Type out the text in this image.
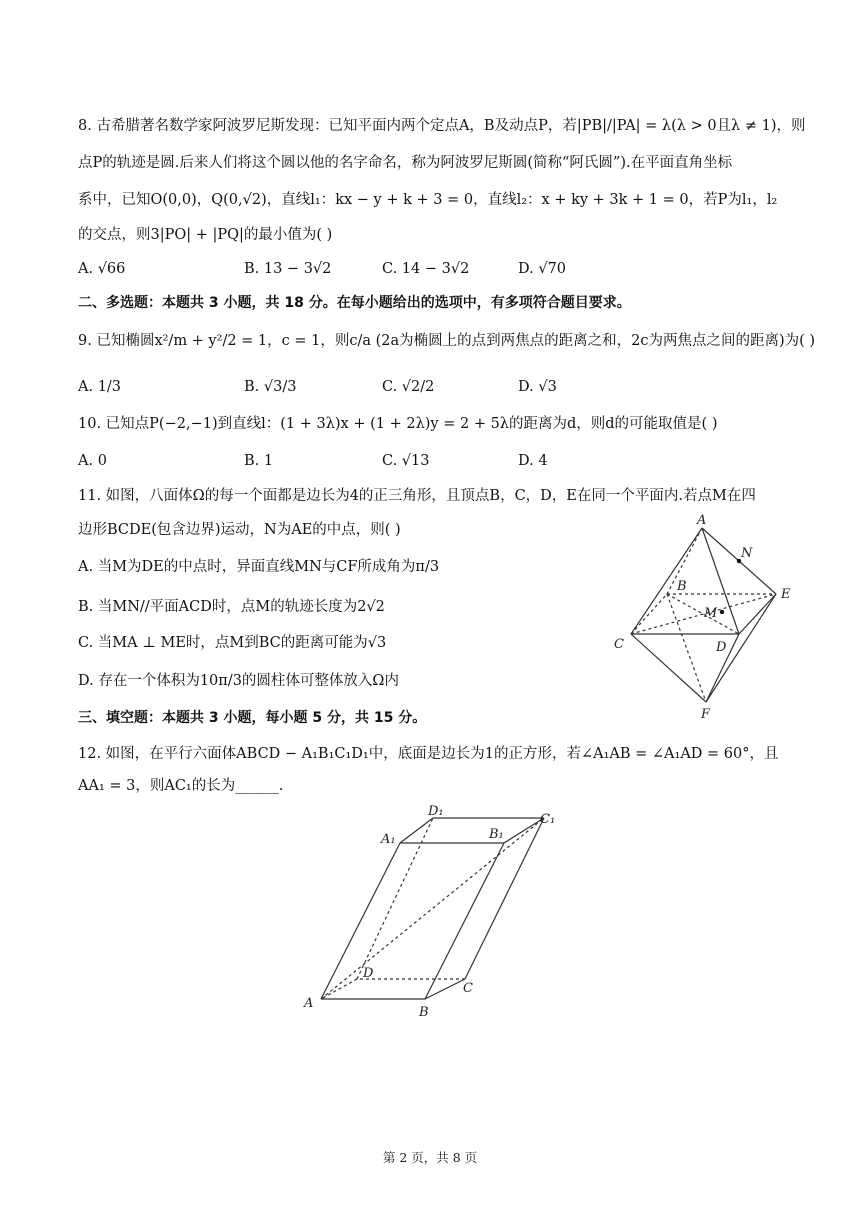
8. 古希腊著名数学家阿波罗尼斯发现：已知平面内两个定点A，B及动点P，若|PB|/|PA| = λ(λ > 0且λ ≠ 1)，则
点P的轨迹是圆.后来人们将这个圆以他的名字命名，称为阿波罗尼斯圆(简称“阿氏圆”).在平面直角坐标
系中，已知O(0,0)，Q(0,√2)，直线l₁：kx − y + k + 3 = 0，直线l₂：x + ky + 3k + 1 = 0，若P为l₁，l₂
的交点，则3|PO| + |PQ|的最小值为( )
A. √66	B. 13 − 3√2	C. 14 − 3√2	D. √70
二、多选题：本题共 3 小题，共 18 分。在每小题给出的选项中，有多项符合题目要求。
9. 已知椭圆x²/m + y²/2 = 1，c = 1，则c/a (2a为椭圆上的点到两焦点的距离之和，2c为两焦点之间的距离)为( )
A. 1/3	B. √3/3	C. √2/2	D. √3
10. 已知点P(−2,−1)到直线l：(1 + 3λ)x + (1 + 2λ)y = 2 + 5λ的距离为d，则d的可能取值是( )
A. 0	B. 1	C. √13	D. 4
11. 如图，八面体Ω的每一个面都是边长为4的正三角形，且顶点B，C，D，E在同一个平面内.若点M在四
边形BCDE(包含边界)运动，N为AE的中点，则( )
A. 当M为DE的中点时，异面直线MN与CF所成角为π/3
B. 当MN//平面ACD时，点M的轨迹长度为2√2
C. 当MA ⊥ ME时，点M到BC的距离可能为√3
D. 存在一个体积为10π/3的圆柱体可整体放入Ω内
A
N
B
E
M
C	D
F
三、填空题：本题共 3 小题，每小题 5 分，共 15 分。
12. 如图，在平行六面体ABCD − A₁B₁C₁D₁中，底面是边长为1的正方形，若∠A₁AB = ∠A₁AD = 60°，且
AA₁ = 3，则AC₁的长为______.
D₁
C₁
A₁	B₁
D
C
A
B
第 2 页，共 8 页
